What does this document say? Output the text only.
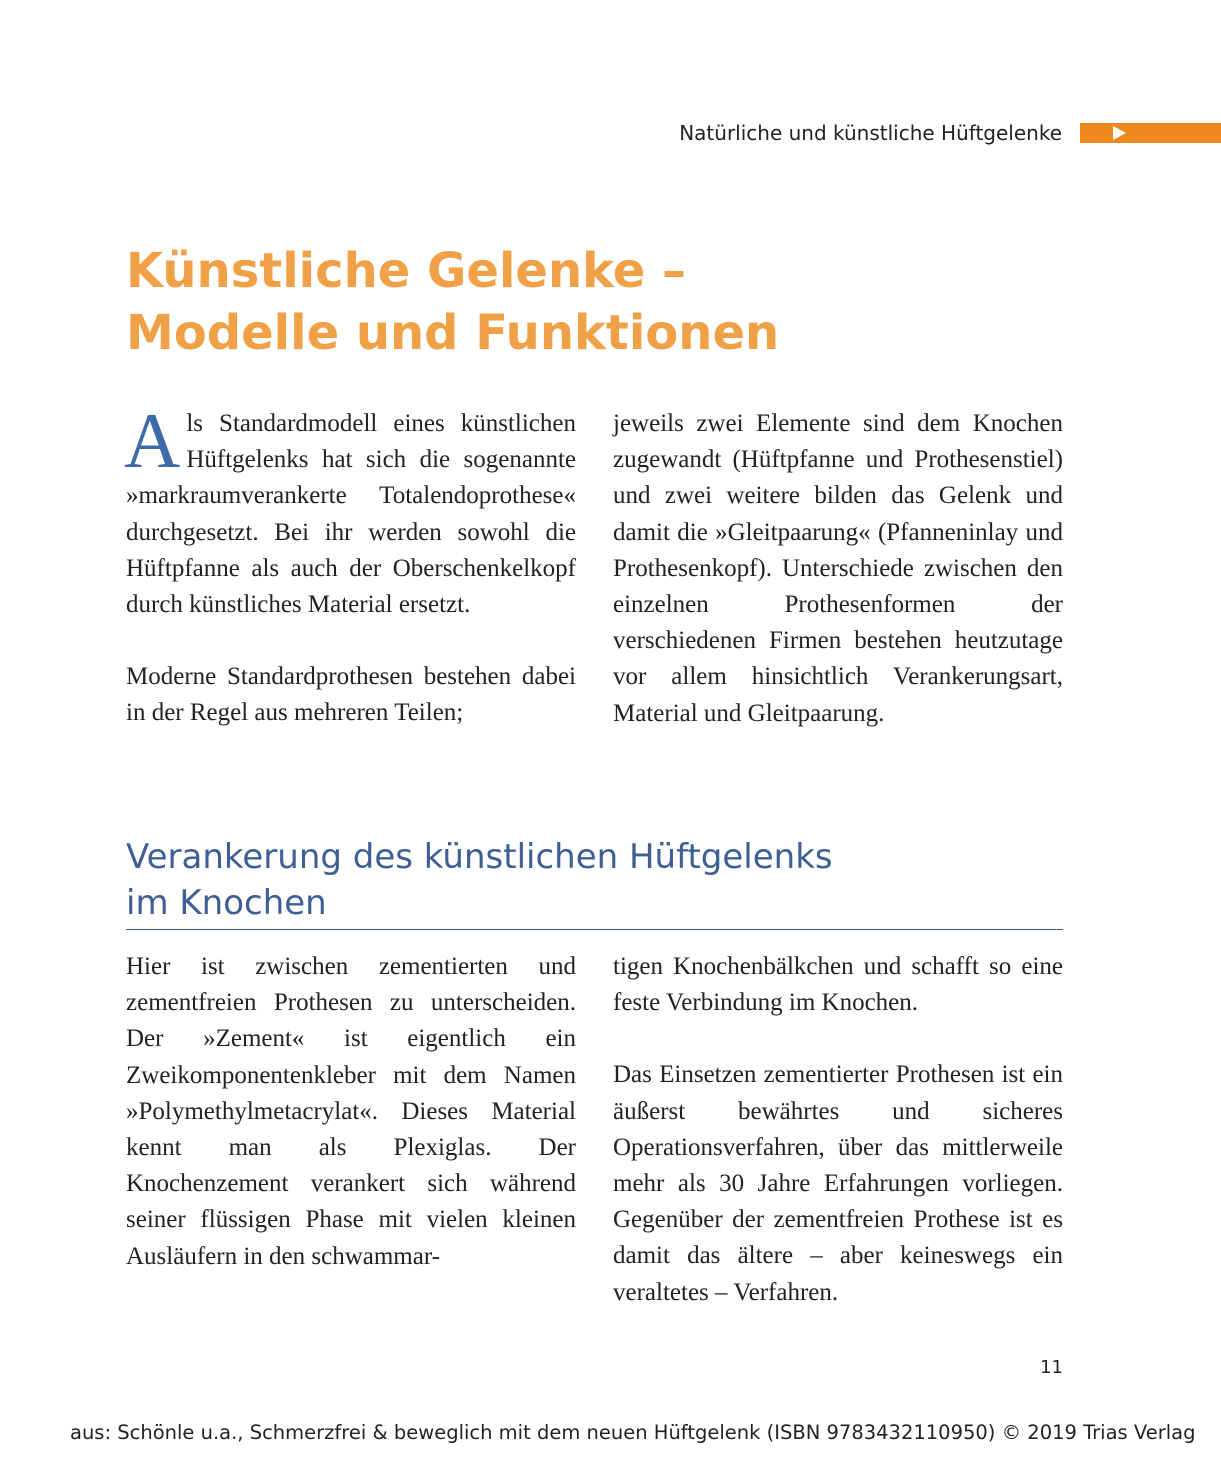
Natürliche und künstliche Hüftgelenke
Künstliche Gelenke –
Modelle und Funktionen

Als Standardmodell eines künstlichen Hüftgelenks hat sich die sogenannte »markraumverankerte Totalendoprothese« durchgesetzt. Bei ihr werden sowohl die Hüftpfanne als auch der Oberschenkelkopf durch künstliches Material ersetzt.

Moderne Standardprothesen bestehen dabei in der Regel aus mehreren Teilen;

jeweils zwei Elemente sind dem Knochen zugewandt (Hüftpfanne und Prothesenstiel) und zwei weitere bilden das Gelenk und damit die »Gleitpaarung« (Pfanneninlay und Prothesenkopf). Unterschiede zwischen den einzelnen Prothesenformen der verschiedenen Firmen bestehen heutzutage vor allem hinsichtlich Verankerungsart, Material und Gleitpaarung.

Verankerung des künstlichen Hüftgelenks
im Knochen

Hier ist zwischen zementierten und zementfreien Prothesen zu unterscheiden. Der »Zement« ist eigentlich ein Zweikomponentenkleber mit dem Namen »Polymethylmetacrylat«. Dieses Material kennt man als Plexiglas. Der Knochenzement verankert sich während seiner flüssigen Phase mit vielen kleinen Ausläufern in den schwammar-

tigen Knochenbälkchen und schafft so eine feste Verbindung im Knochen.

Das Einsetzen zementierter Prothesen ist ein äußerst bewährtes und sicheres Operationsverfahren, über das mittlerweile mehr als 30 Jahre Erfahrungen vorliegen. Gegenüber der zementfreien Prothese ist es damit das ältere – aber keineswegs ein veraltetes – Verfahren.

11
aus: Schönle u.a., Schmerzfrei & beweglich mit dem neuen Hüftgelenk (ISBN 9783432110950) © 2019 Trias Verlag
